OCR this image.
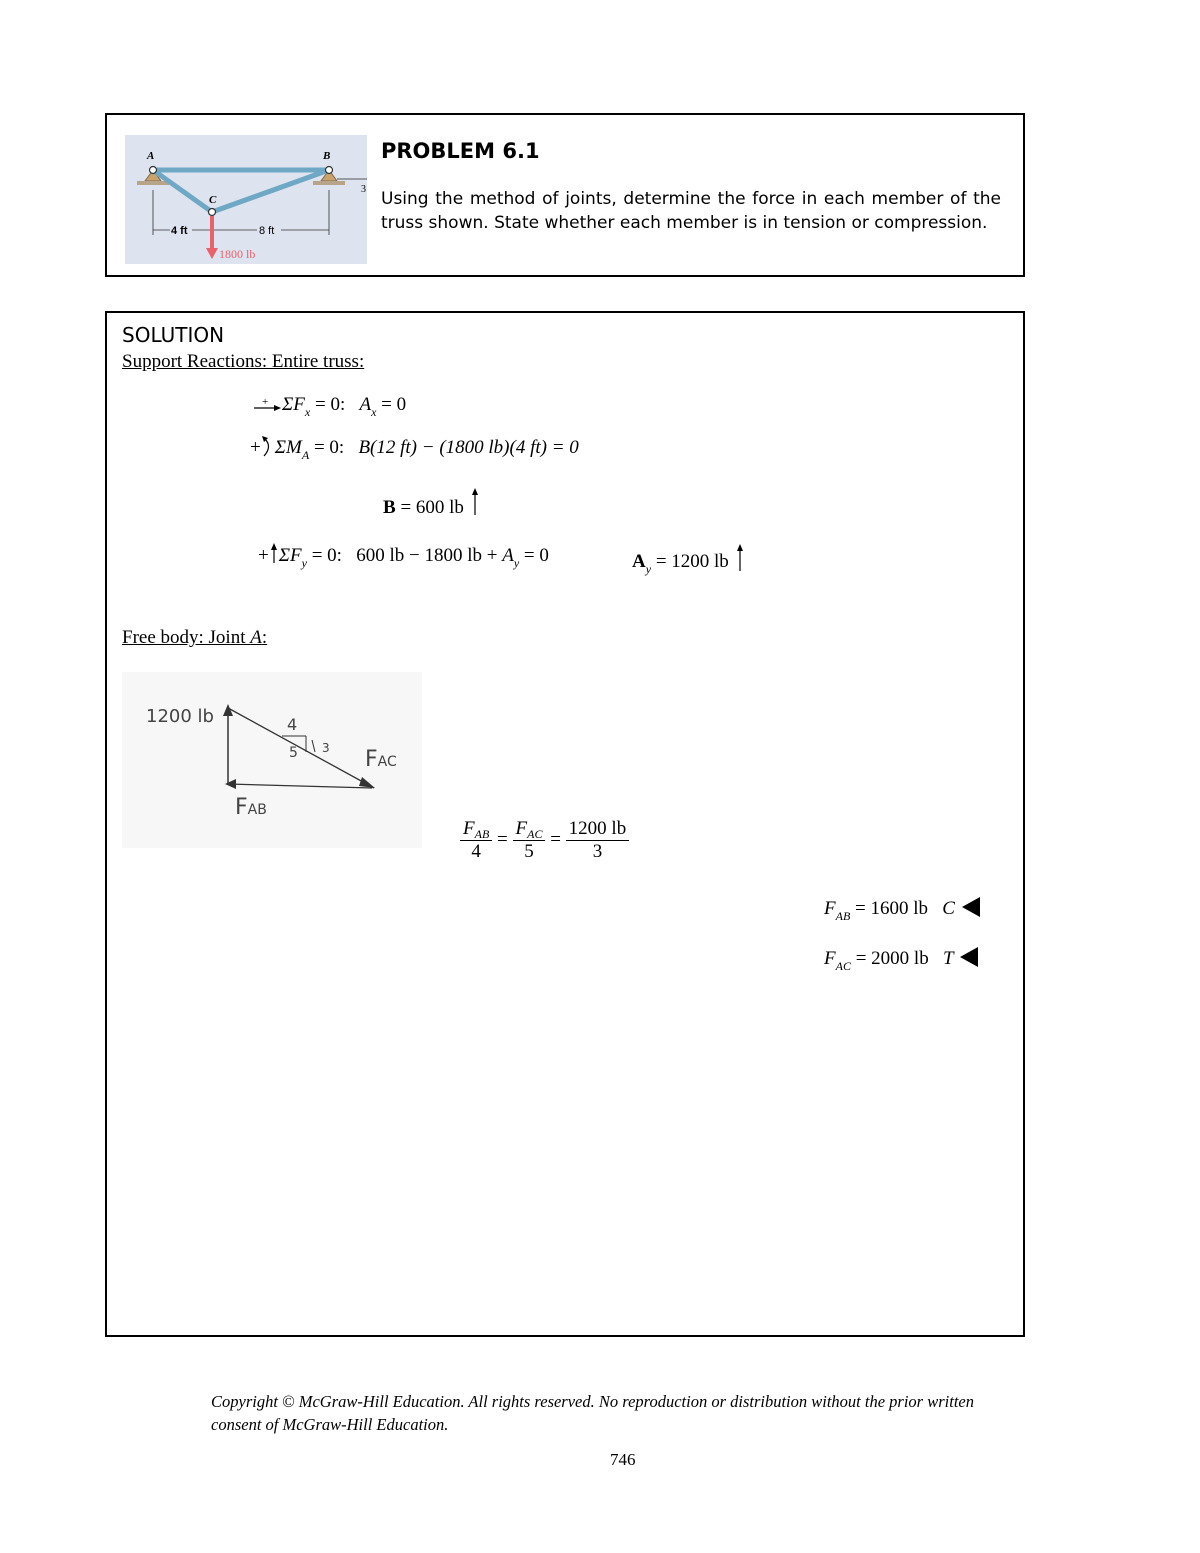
A	B
C
4 ft	8 ft
1800 lb
3
PROBLEM 6.1
Using the method of joints, determine the force in each member of the truss shown. State whether each member is in tension or compression.
SOLUTION
Support Reactions: Entire truss:
+ $\Sigma F_x = 0$: $A_x = 0$
+ $\Sigma M_A = 0$: B(12 ft) − (1800 lb)(4 ft) = 0
B = 600 lb
+ $\Sigma F_y = 0$: 600 lb − 1800 lb + $A_y = 0$	$A_y = 1200$ lb
Free body: Joint A:
1200 lb	4
3
5	FAC
FAB
$\frac{F_{AB}}{4} = \frac{F_{AC}}{5} = \frac{1200 lb}{3}$
$F_{AB} = 1600$ lb C
$F_{AC} = 2000$ lb T
Copyright © McGraw-Hill Education. All rights reserved. No reproduction or distribution without the prior written consent of McGraw-Hill Education.
746
